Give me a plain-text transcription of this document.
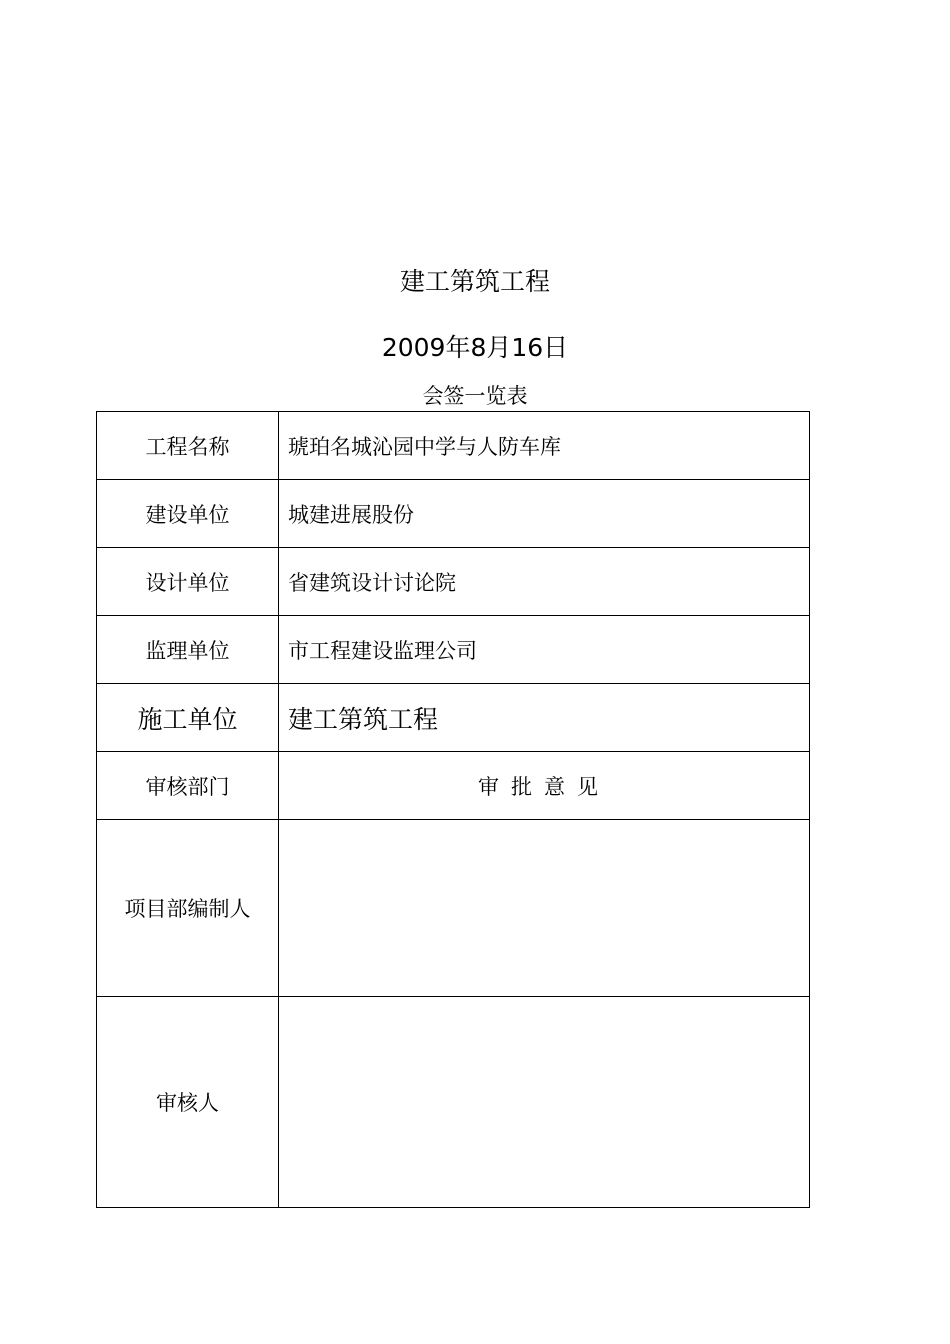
建工第筑工程
2009年8月16日
会签一览表
工程名称	琥珀名城沁园中学与人防车库
建设单位	城建进展股份
设计单位	省建筑设计讨论院
监理单位	市工程建设监理公司
施工单位	建工第筑工程
审核部门	审批意见
项目部编制人	
审核人	
